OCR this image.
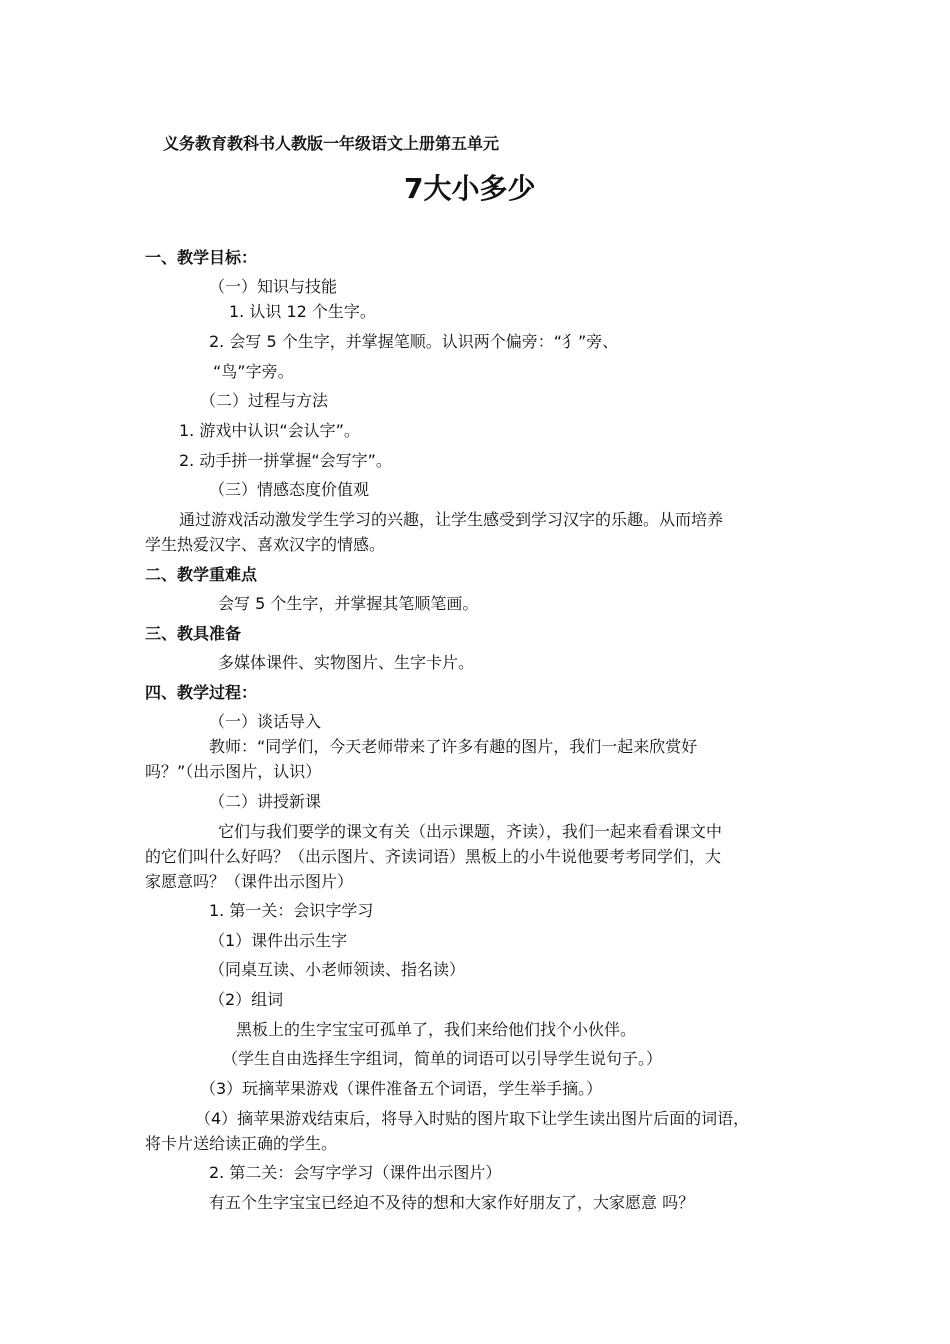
义务教育教科书人教版一年级语文上册第五单元
7大小多少
一、教学目标：
（一）知识与技能
1. 认识 12 个生字。
2. 会写 5 个生字，并掌握笔顺。认识两个偏旁：“犭”旁、
“鸟”字旁。
（二）过程与方法
1. 游戏中认识“会认字”。
2. 动手拼一拼掌握“会写字”。
（三）情感态度价值观
通过游戏活动激发学生学习的兴趣，让学生感受到学习汉字的乐趣。从而培养
学生热爱汉字、喜欢汉字的情感。
二、教学重难点
会写 5 个生字，并掌握其笔顺笔画。
三、教具准备
多媒体课件、实物图片、生字卡片。
四、教学过程：
（一）谈话导入
教师：“同学们，今天老师带来了许多有趣的图片，我们一起来欣赏好
吗？”（出示图片，认识）
（二）讲授新课
它们与我们要学的课文有关（出示课题，齐读），我们一起来看看课文中
的它们叫什么好吗？（出示图片、齐读词语）黑板上的小牛说他要考考同学们，大
家愿意吗？（课件出示图片）
1. 第一关：会识字学习
（1）课件出示生字
（同桌互读、小老师领读、指名读）
（2）组词
黑板上的生字宝宝可孤单了，我们来给他们找个小伙伴。
（学生自由选择生字组词，简单的词语可以引导学生说句子。）
（3）玩摘苹果游戏（课件准备五个词语，学生举手摘。）
（4）摘苹果游戏结束后，将导入时贴的图片取下让学生读出图片后面的词语，
将卡片送给读正确的学生。
2. 第二关：会写字学习（课件出示图片）
有五个生字宝宝已经迫不及待的想和大家作好朋友了，大家愿意 吗？
